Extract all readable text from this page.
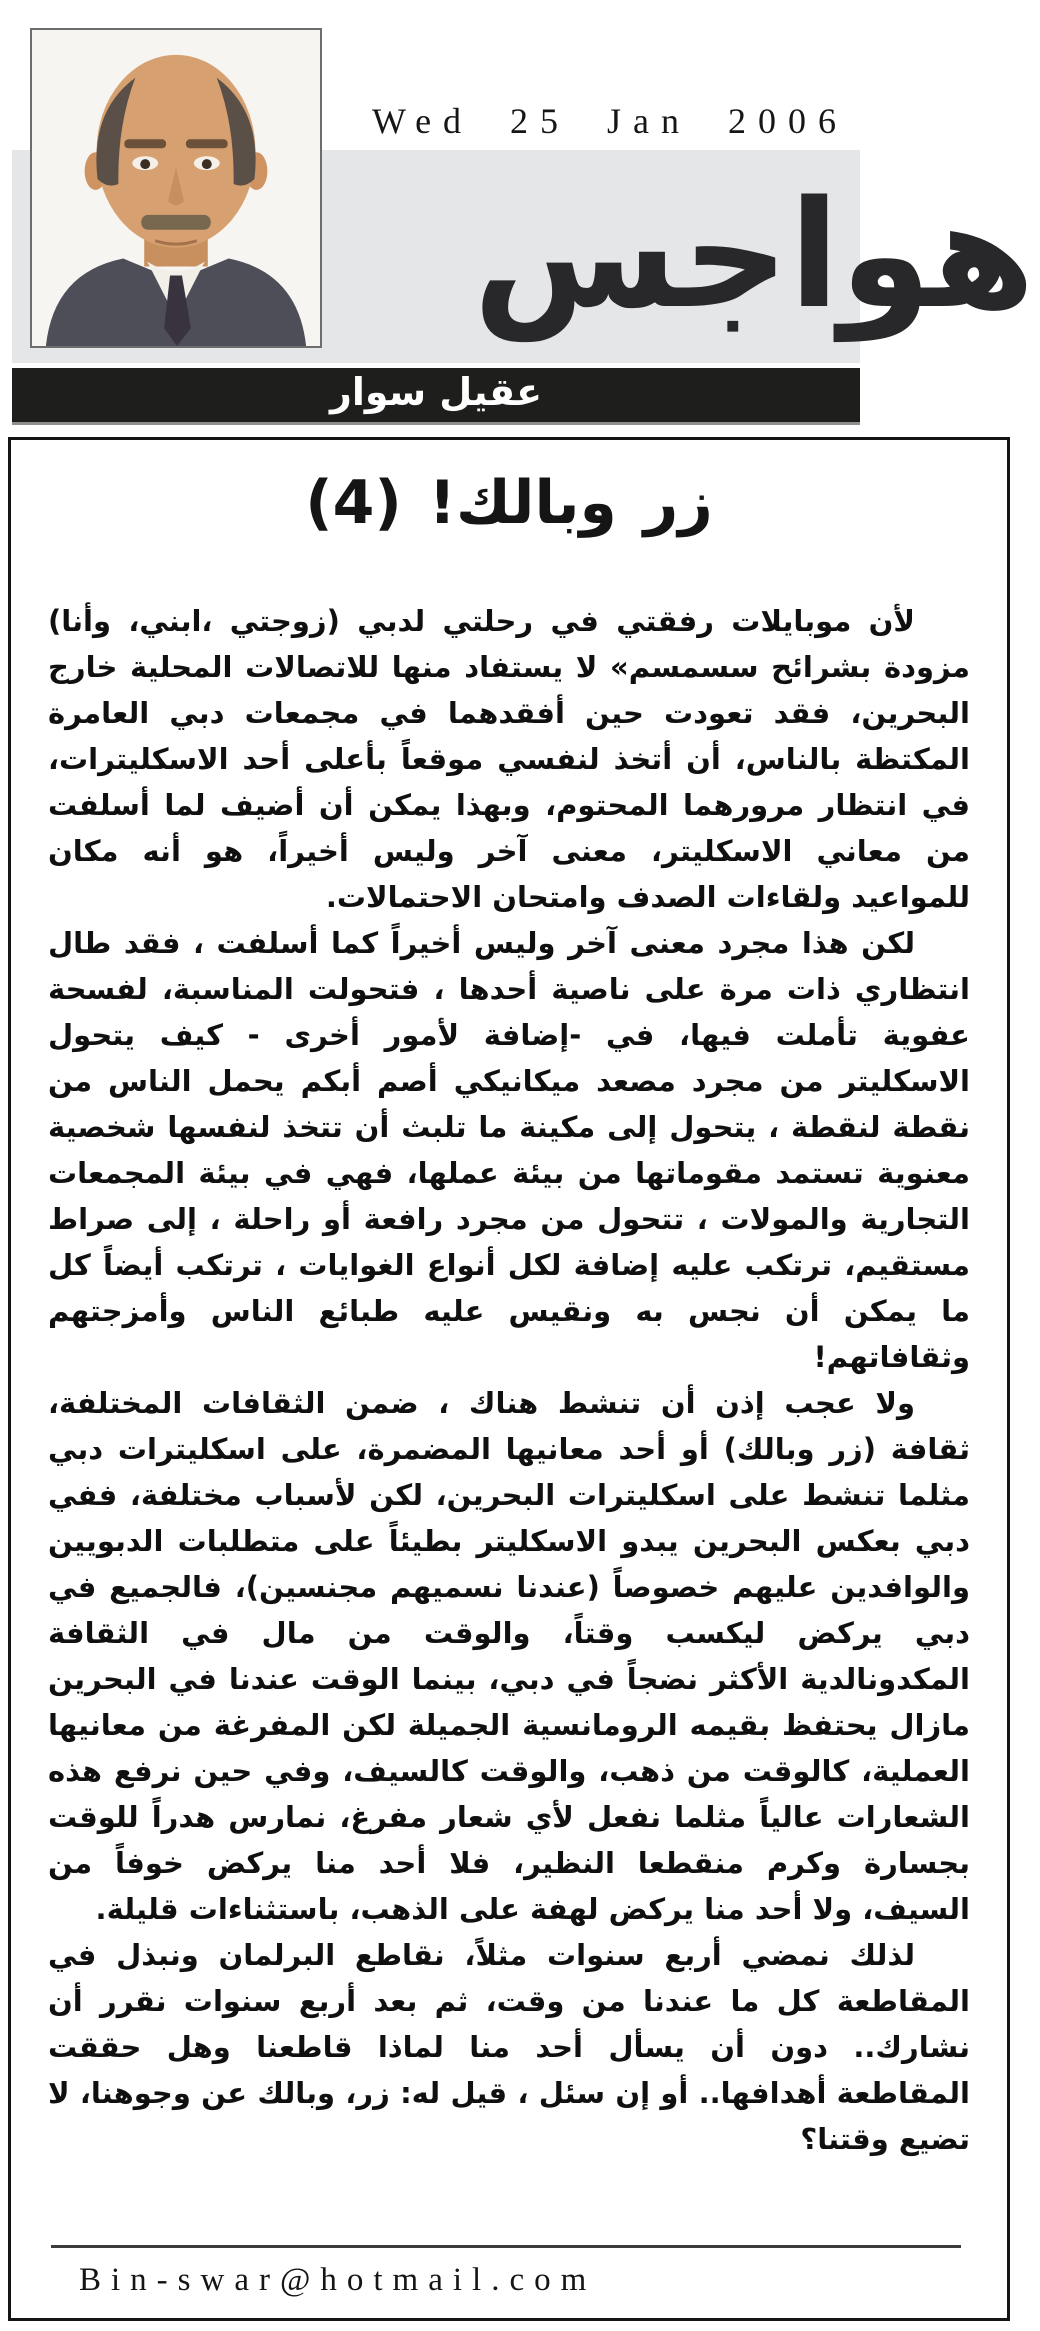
Wed 25 Jan 2006
هواجس
عقيل سوار
زر وبالك! (4)

لأن موبايلات رفقتي في رحلتي لدبي (زوجتي ،ابني، وأنا) مزودة بشرائح سسمسم» لا يستفاد منها للاتصالات المحلية خارج البحرين، فقد تعودت حين أفقدهما في مجمعات دبي العامرة المكتظة بالناس، أن أتخذ لنفسي موقعاً بأعلى أحد الاسكليترات، في انتظار مرورهما المحتوم، وبهذا يمكن أن أضيف لما أسلفت من معاني الاسكليتر، معنى آخر وليس أخيراً، هو أنه مكان للمواعيد ولقاءات الصدف وامتحان الاحتمالات.

لكن هذا مجرد معنى آخر وليس أخيراً كما أسلفت ، فقد طال انتظاري ذات مرة على ناصية أحدها ، فتحولت المناسبة، لفسحة عفوية تأملت فيها، في -إضافة لأمور أخرى - كيف يتحول الاسكليتر من مجرد مصعد ميكانيكي أصم أبكم يحمل الناس من نقطة لنقطة ، يتحول إلى مكينة ما تلبث أن تتخذ لنفسها شخصية معنوية تستمد مقوماتها من بيئة عملها، فهي في بيئة المجمعات التجارية والمولات ، تتحول من مجرد رافعة أو راحلة ، إلى صراط مستقيم، ترتكب عليه إضافة لكل أنواع الغوايات ، ترتكب أيضاً كل ما يمكن أن نجس به ونقيس عليه طبائع الناس وأمزجتهم وثقافاتهم!

ولا عجب إذن أن تنشط هناك ، ضمن الثقافات المختلفة، ثقافة (زر وبالك) أو أحد معانيها المضمرة، على اسكليترات دبي مثلما تنشط على اسكليترات البحرين، لكن لأسباب مختلفة، ففي دبي بعكس البحرين يبدو الاسكليتر بطيئاً على متطلبات الدبويين والوافدين عليهم خصوصاً (عندنا نسميهم مجنسين)، فالجميع في دبي يركض ليكسب وقتاً، والوقت من مال في الثقافة المكدونالدية الأكثر نضجاً في دبي، بينما الوقت عندنا في البحرين مازال يحتفظ بقيمه الرومانسية الجميلة لكن المفرغة من معانيها العملية، كالوقت من ذهب، والوقت كالسيف، وفي حين نرفع هذه الشعارات عالياً مثلما نفعل لأي شعار مفرغ، نمارس هدراً للوقت بجسارة وكرم منقطعا النظير، فلا أحد منا يركض خوفاً من السيف، ولا أحد منا يركض لهفة على الذهب، باستثناءات قليلة.

لذلك نمضي أربع سنوات مثلاً، نقاطع البرلمان ونبذل في المقاطعة كل ما عندنا من وقت، ثم بعد أربع سنوات نقرر أن نشارك.. دون أن يسأل أحد منا لماذا قاطعنا وهل حققت المقاطعة أهدافها.. أو إن سئل ، قيل له: زر، وبالك عن وجوهنا، لا تضيع وقتنا؟

Bin-swar@hotmail.com
